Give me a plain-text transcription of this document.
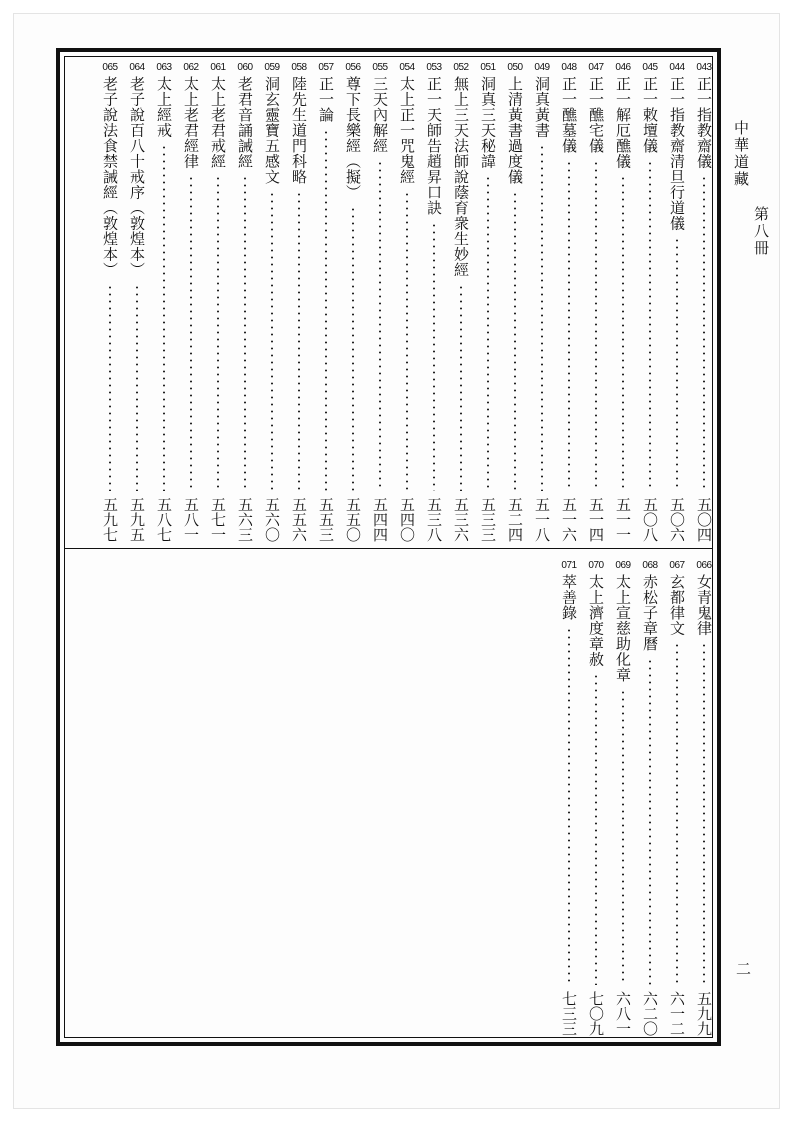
中華道藏
第八冊
二
043
正一指教齋儀
五〇四
044
正一指教齋清旦行道儀
五〇六
045
正一敕壇儀
五〇八
046
正一解厄醮儀
五一一
047
正一醮宅儀
五一四
048
正一醮墓儀
五一六
049
洞真黃書
五一八
050
上清黃書過度儀
五二四
051
洞真三天秘諱
五三三
052
無上三天法師說蔭育衆生妙經
五三六
053
正一天師告趙昇口訣
五三八
054
太上正一咒鬼經
五四〇
055
三天內解經
五四四
056
尊下長樂經（擬）
五五〇
057
正一論
五五三
058
陸先生道門科略
五五六
059
洞玄靈寶五感文
五六〇
060
老君音誦誡經
五六三
061
太上老君戒經
五七一
062
太上老君經律
五八一
063
太上經戒
五八七
064
老子說百八十戒序（敦煌本）
五九五
065
老子說法食禁誡經（敦煌本）
五九七
066
女青鬼律
五九九
067
玄都律文
六一二
068
赤松子章曆
六二〇
069
太上宣慈助化章
六八一
070
太上濟度章赦
七〇九
071
萃善錄
七三三
